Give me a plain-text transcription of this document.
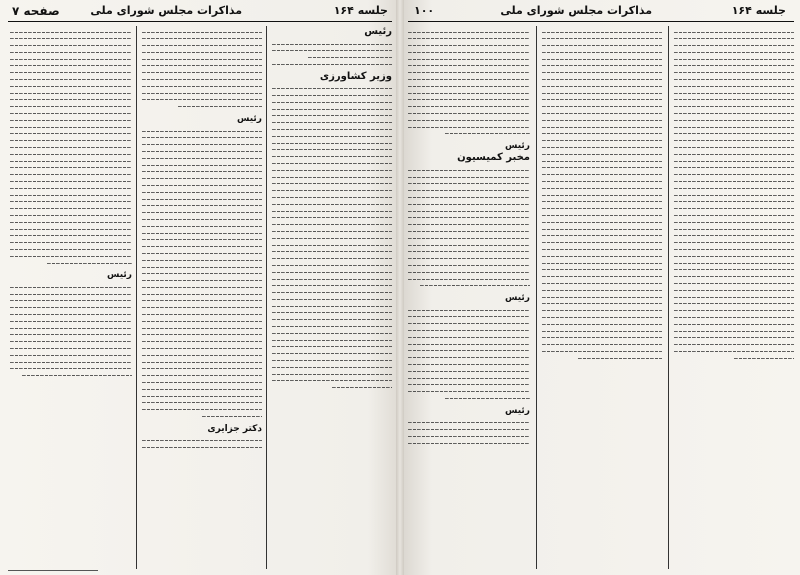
جلسه ۱۶۴
مذاکرات مجلس شورای ملی
صفحه ۷	جلسه ۱۶۴
مذاکرات مجلس شورای ملی
۱۰۰
رئیس
وزیر کشاورزی
رئیس
دکتر جزایری
رئیس
رئیس
مخبر کمیسیون
رئیس
رئیس
